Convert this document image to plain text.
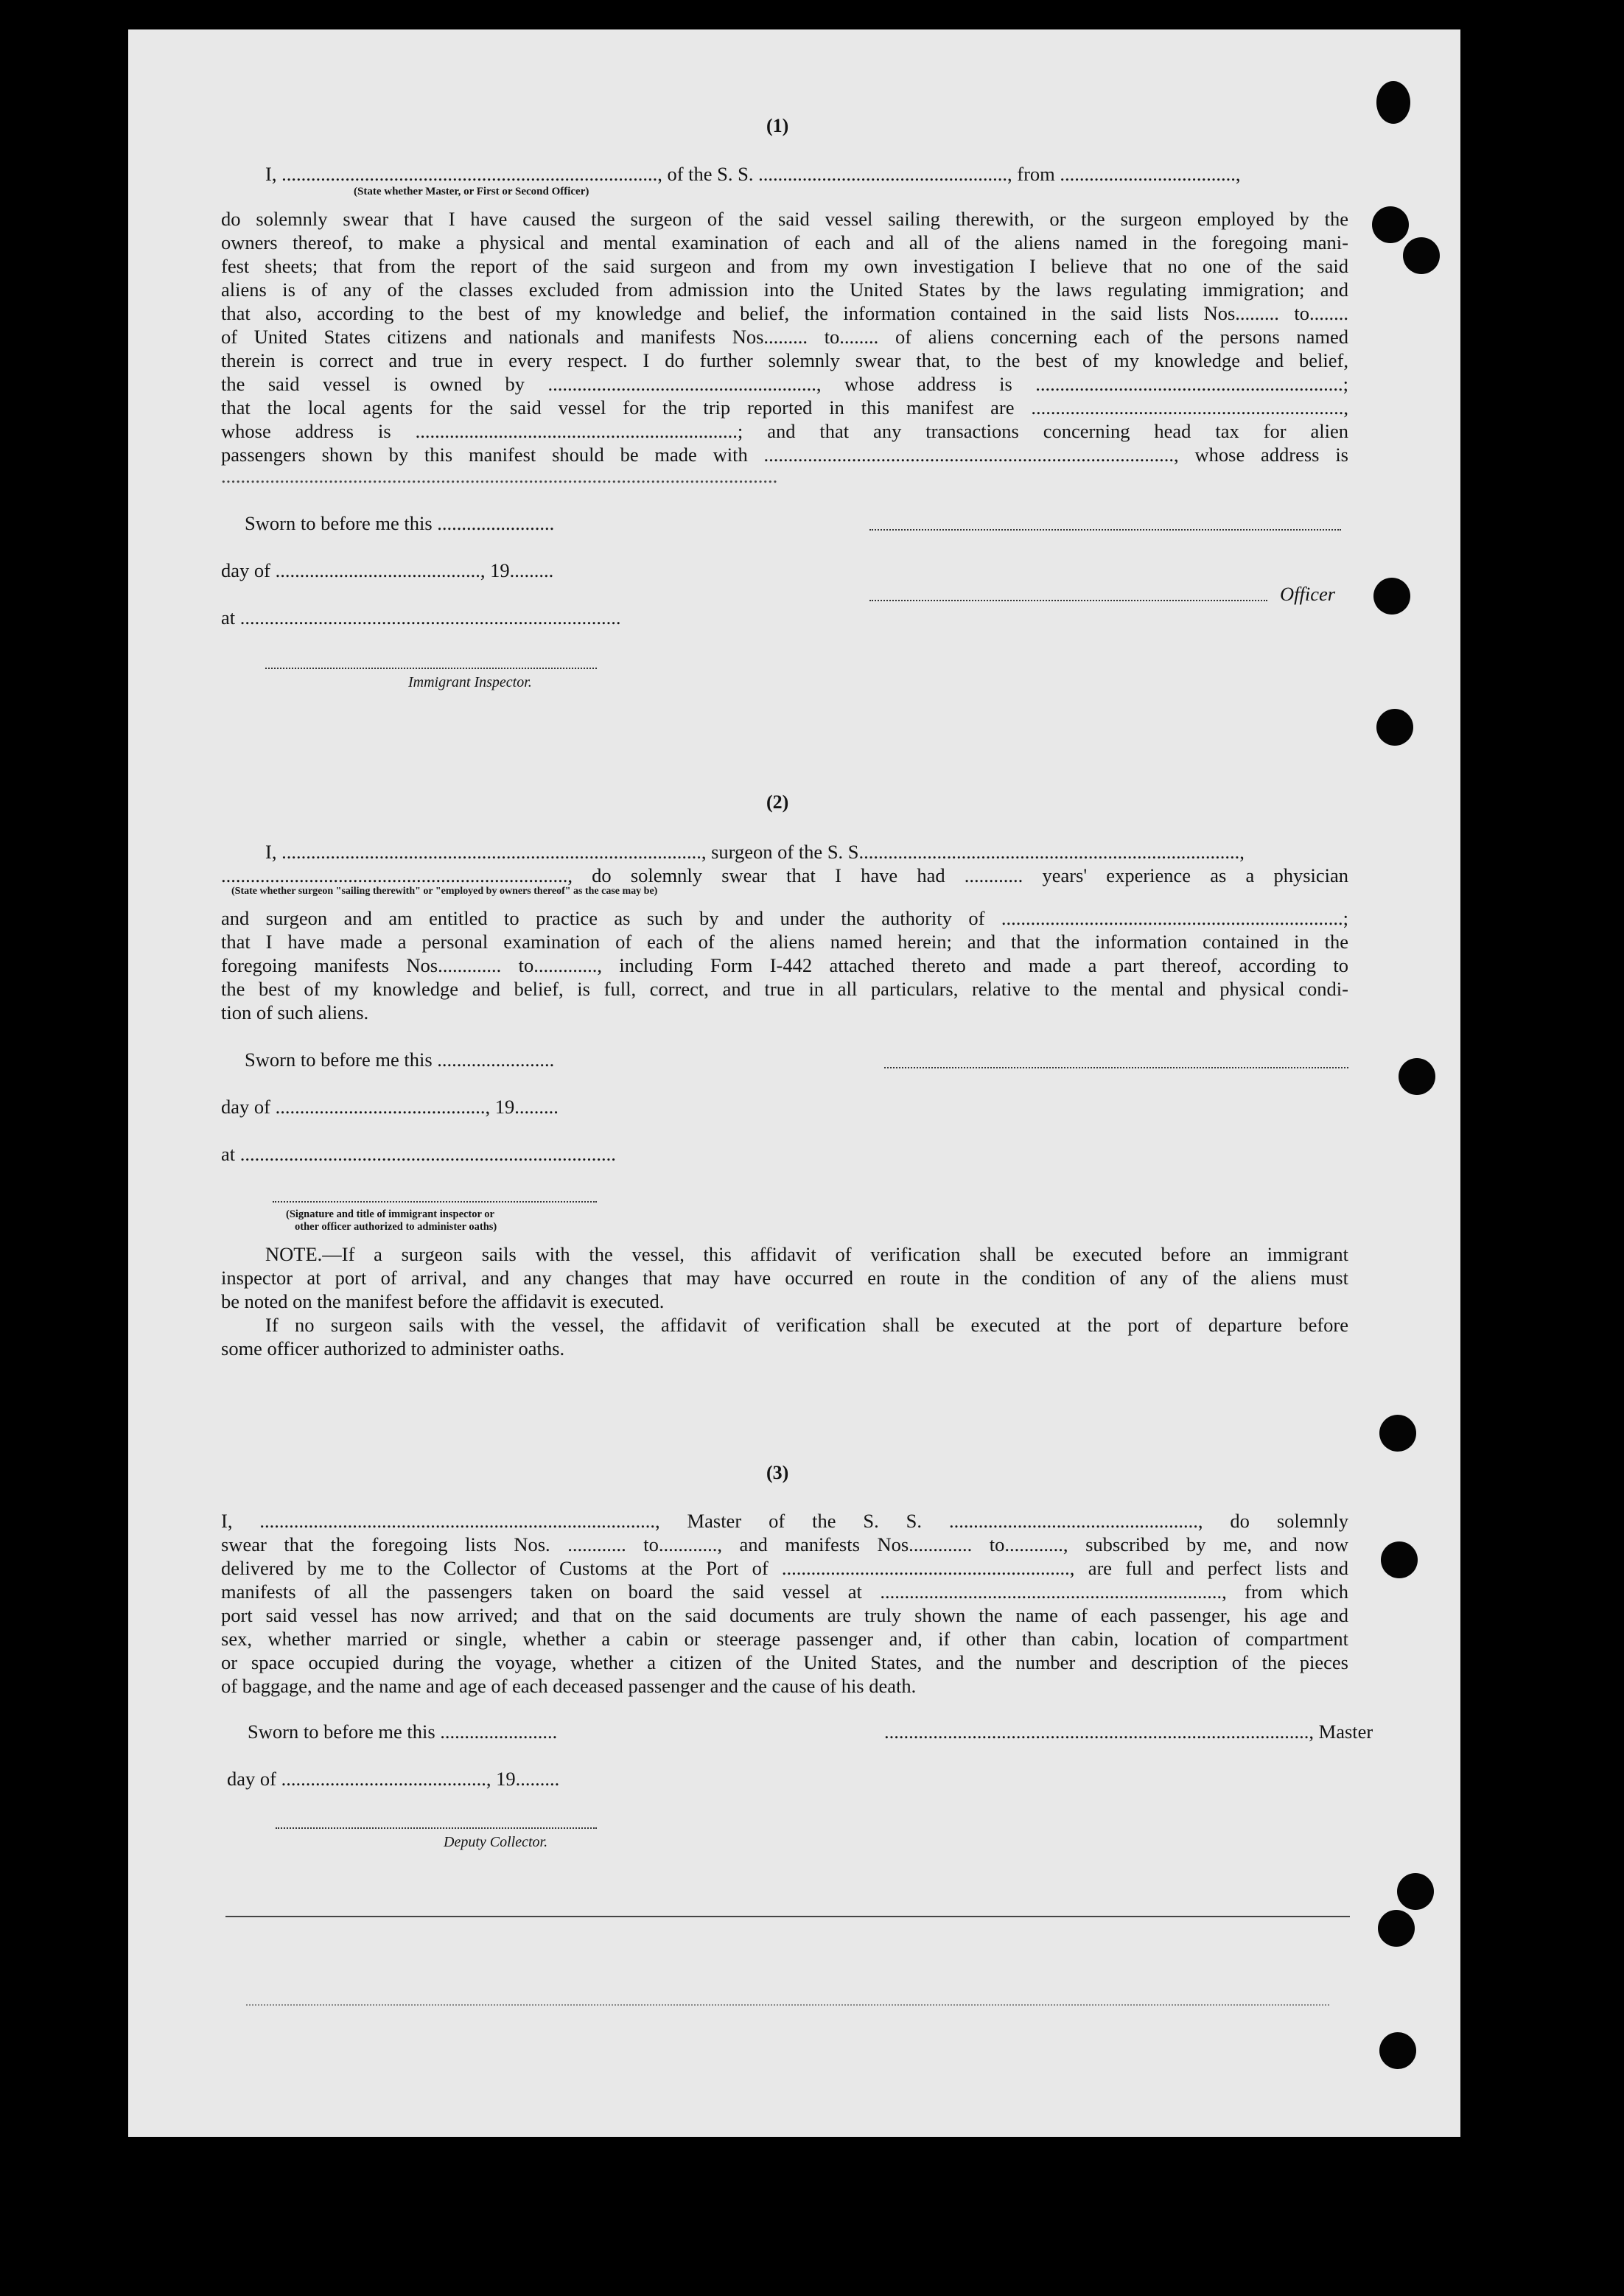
(1)
I, ............................................................................., of the S. S. ..................................................., from ....................................,
(State whether Master, or First or Second Officer)
do solemnly swear that I have caused the surgeon of the said vessel sailing therewith, or the surgeon employed by the
owners thereof, to make a physical and mental examination of each and all of the aliens named in the foregoing mani-
fest sheets; that from the report of the said surgeon and from my own investigation I believe that no one of the said
aliens is of any of the classes excluded from admission into the United States by the laws regulating immigration; and
that also, according to the best of my knowledge and belief, the information contained in the said lists Nos......... to........
of United States citizens and nationals and manifests Nos......... to........ of aliens concerning each of the persons named
therein is correct and true in every respect. I do further solemnly swear that, to the best of my knowledge and belief,
the said vessel is owned by ......................................................., whose address is ...............................................................;
that the local agents for the said vessel for the trip reported in this manifest are ................................................................,
whose address is ..................................................................; and that any transactions concerning head tax for alien
passengers shown by this manifest should be made with ...................................................................................., whose address is
..................................................................................................................
Sworn to before me this ........................
day of .........................................., 19.........
Officer
at ..............................................................................
Immigrant Inspector.
(2)
I, ......................................................................................, surgeon of the S. S..............................................................................,
......................................................................., do solemnly swear that I have had ............ years' experience as a physician
(State whether surgeon "sailing therewith" or "employed by owners thereof" as the case may be)
and surgeon and am entitled to practice as such by and under the authority of ......................................................................;
that I have made a personal examination of each of the aliens named herein; and that the information contained in the
foregoing manifests Nos............. to............., including Form I-442 attached thereto and made a part thereof, according to
the best of my knowledge and belief, is full, correct, and true in all particulars, relative to the mental and physical condi-
tion of such aliens.
Sworn to before me this ........................
day of ..........................................., 19.........
at .............................................................................
(Signature and title of immigrant inspector or
other officer authorized to administer oaths)
NOTE.—If a surgeon sails with the vessel, this affidavit of verification shall be executed before an immigrant
inspector at port of arrival, and any changes that may have occurred en route in the condition of any of the aliens must
be noted on the manifest before the affidavit is executed.
If no surgeon sails with the vessel, the affidavit of verification shall be executed at the port of departure before
some officer authorized to administer oaths.
(3)
I, ................................................................................., Master of the S. S. ..................................................., do solemnly
swear that the foregoing lists Nos. ............ to............, and manifests Nos............. to............, subscribed by me, and now
delivered by me to the Collector of Customs at the Port of ..........................................................., are full and perfect lists and
manifests of all the passengers taken on board the said vessel at ......................................................................, from which
port said vessel has now arrived; and that on the said documents are truly shown the name of each passenger, his age and
sex, whether married or single, whether a cabin or steerage passenger and, if other than cabin, location of compartment
or space occupied during the voyage, whether a citizen of the United States, and the number and description of the pieces
of baggage, and the name and age of each deceased passenger and the cause of his death.
Sworn to before me this ........................	......................................................................................., Master
day of .........................................., 19.........
Deputy Collector.
